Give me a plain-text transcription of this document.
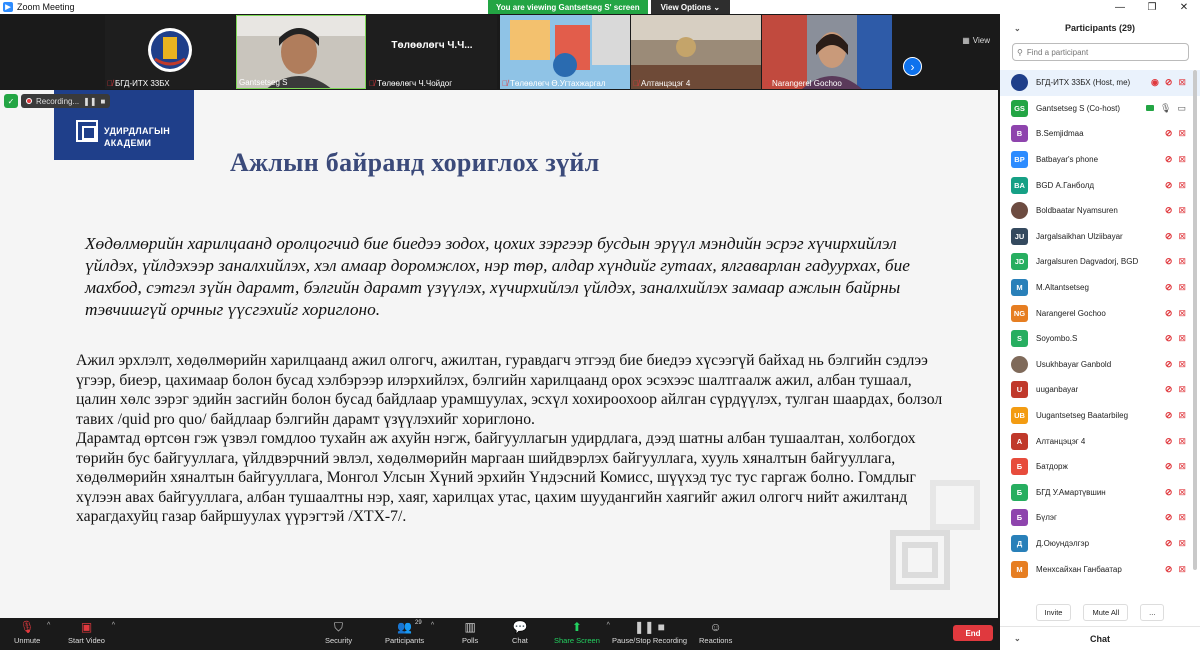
▶ Zoom Meeting	—	❐	✕
You are viewing Gantsetseg S' screen	View Options ⌄
🎙̸ БГД-ИТХ 33БХ	Gantsetseg S
Төлөөлөгч Ч.Ч...
🎙̸ Төлөөлөгч Ч.Чойдог	🎙̸ Төлөөлөгч Ө.Угтахжаргал	🎙̸ Алтанцэцэг 4	🎙̸ Narangerel Gochoo
›
▦ View
✓	Recording... ❚❚ ■
УДИРДЛАГЫН
АКАДЕМИ
Ажлын байранд хориглох зүйл
Хөдөлмөрийн харилцаанд оролцогчид бие биедээ зодох, цохих зэргээр бусдын эрүүл мэндийн эсрэг хүчирхийлэл үйлдэх, үйлдэхээр заналхийлэх, хэл амаар доромжлох, нэр төр, алдар хүндийг гутаах, ялгаварлан гадуурхах, бие махбод, сэтгэл зүйн дарамт, бэлгийн дарамт үзүүлэх, хүчирхийлэл үйлдэх, заналхийлэх замаар ажлын байрны тэвчишгүй орчныг үүсгэхийг хориглоно.
Ажил эрхлэлт, хөдөлмөрийн харилцаанд ажил олгогч, ажилтан, гуравдагч этгээд бие биедээ хүсээгүй байхад нь бэлгийн сэдлээ үгээр, биеэр, цахимаар болон бусад хэлбэрээр илэрхийлэх, бэлгийн харилцаанд орох эсэхээс шалтгаалж ажил, албан тушаал, цалин хөлс зэрэг эдийн засгийн болон бусад байдлаар урамшуулах, эсхүл хохироохоор айлган сүрдүүлэх, тулган шаардах, болзол тавих /quid pro quo/ байдлаар бэлгийн дарамт үзүүлэхийг хориглоно.
Дарамтад өртсөн гэж үзвэл гомдлоо тухайн аж ахуйн нэгж, байгууллагын удирдлага, дээд шатны албан тушаалтан, холбогдох төрийн бус байгууллага, үйлдвэрчний эвлэл, хөдөлмөрийн маргаан шийдвэрлэх байгууллага, хууль хяналтын байгууллага, хөдөлмөрийн хяналтын байгууллага, Монгол Улсын Хүний эрхийн Үндэсний Комисс, шүүхэд тус тус гаргаж болно. Гомдлыг хүлээн авах байгууллага, албан тушаалтны нэр, хаяг, харилцах утас, цахим шуудангийн хаягийг ажил олгогч нийт ажилтанд харагдахуйц газар байршуулах үүрэгтэй /ХТХ-7/.
⌄	Participants (29)
⚲
Find a participant
БГД-ИТХ 33БХ (Host, me) ◉ ⊘ ⊠
GS	Gantsetseg S (Co-host)	🎙 ▭
B	B.Semjidmaa	⊘ ⊠
BP	Batbayar's phone	⊘ ⊠
BA	BGD А.Ганболд	⊘ ⊠
Boldbaatar Nyamsuren	⊘ ⊠
JU	Jargalsaikhan Ulziibayar	⊘ ⊠
JD	Jargalsuren Dagvadorj, BGD	⊘ ⊠
M	M.Altantsetseg	⊘ ⊠
NG	Narangerel Gochoo	⊘ ⊠
S	Soyombo.S	⊘ ⊠
Usukhbayar Ganbold	⊘ ⊠
U	uuganbayar	⊘ ⊠
UB	Uugantsetseg Baatarbileg	⊘ ⊠
А	Алтанцэцэг 4	⊘ ⊠
Б	Батдорж	⊘ ⊠
Б	БГД У.Амартүвшин	⊘ ⊠
Б	Бүлэг	⊘ ⊠
Д	Д.Оюундэлгэр	⊘ ⊠
М	Менхсайхан Ганбаатар	⊘ ⊠
Invite	Mute All	...
⌄	Chat
🎙
Unmute
^	▣
Start Video
^	⛉
Security
👥 29
Participants
^	▥
Polls
💬
Chat
⬆
Share Screen
^ ❚❚ ■
Pause/Stop Recording
☺
Reactions
End
